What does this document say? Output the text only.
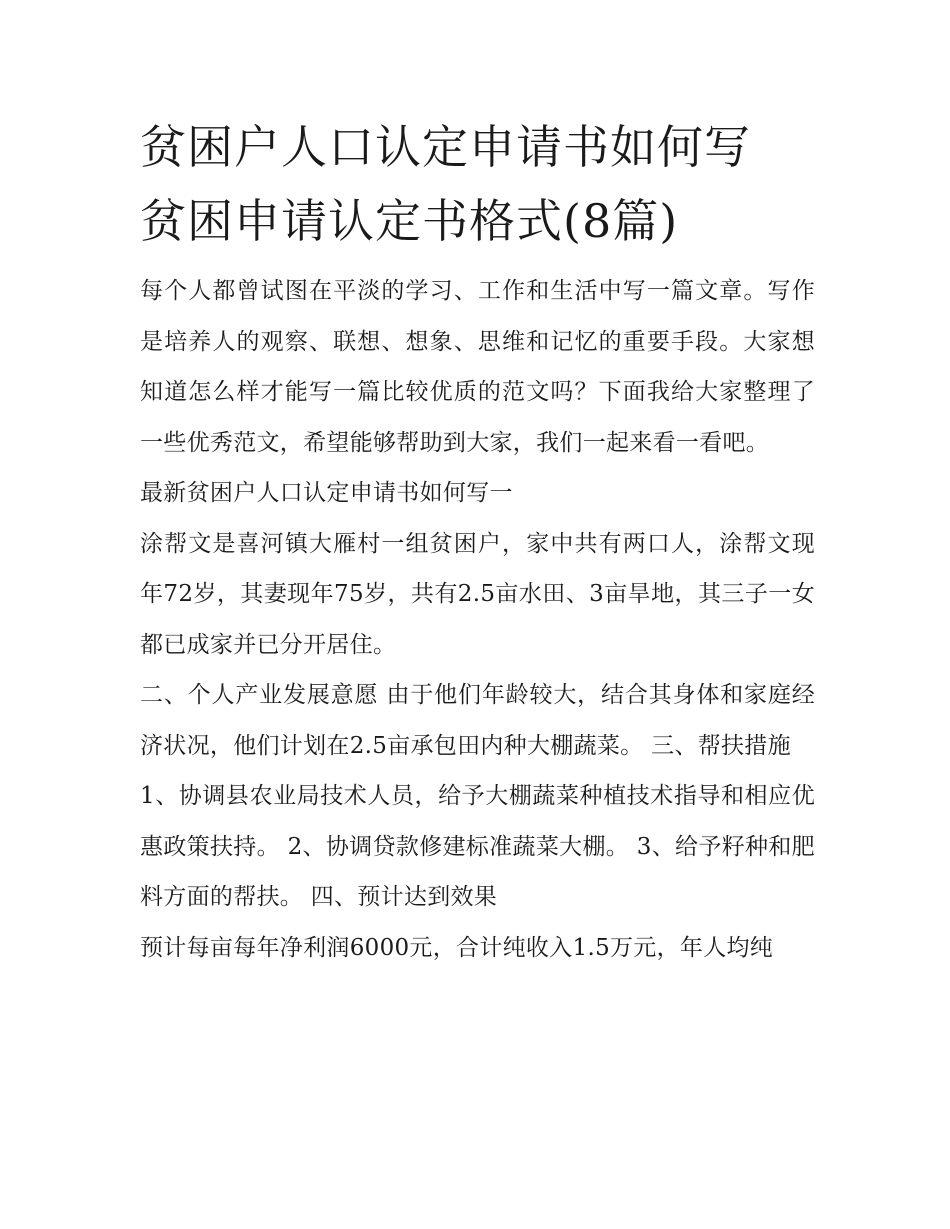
贫困户人口认定申请书如何写
贫困申请认定书格式(8篇)

每个人都曾试图在平淡的学习、工作和生活中写一篇文章。写作是培养人的观察、联想、想象、思维和记忆的重要手段。大家想知道怎么样才能写一篇比较优质的范文吗？下面我给大家整理了一些优秀范文，希望能够帮助到大家，我们一起来看一看吧。

最新贫困户人口认定申请书如何写一

涂帮文是喜河镇大雁村一组贫困户，家中共有两口人，涂帮文现年72岁，其妻现年75岁，共有2.5亩水田、3亩旱地，其三子一女都已成家并已分开居住。

二、个人产业发展意愿 由于他们年龄较大，结合其身体和家庭经济状况，他们计划在2.5亩承包田内种大棚蔬菜。 三、帮扶措施

1、协调县农业局技术人员，给予大棚蔬菜种植技术指导和相应优惠政策扶持。 2、协调贷款修建标准蔬菜大棚。 3、给予籽种和肥料方面的帮扶。 四、预计达到效果

预计每亩每年净利润6000元，合计纯收入1.5万元，年人均纯
